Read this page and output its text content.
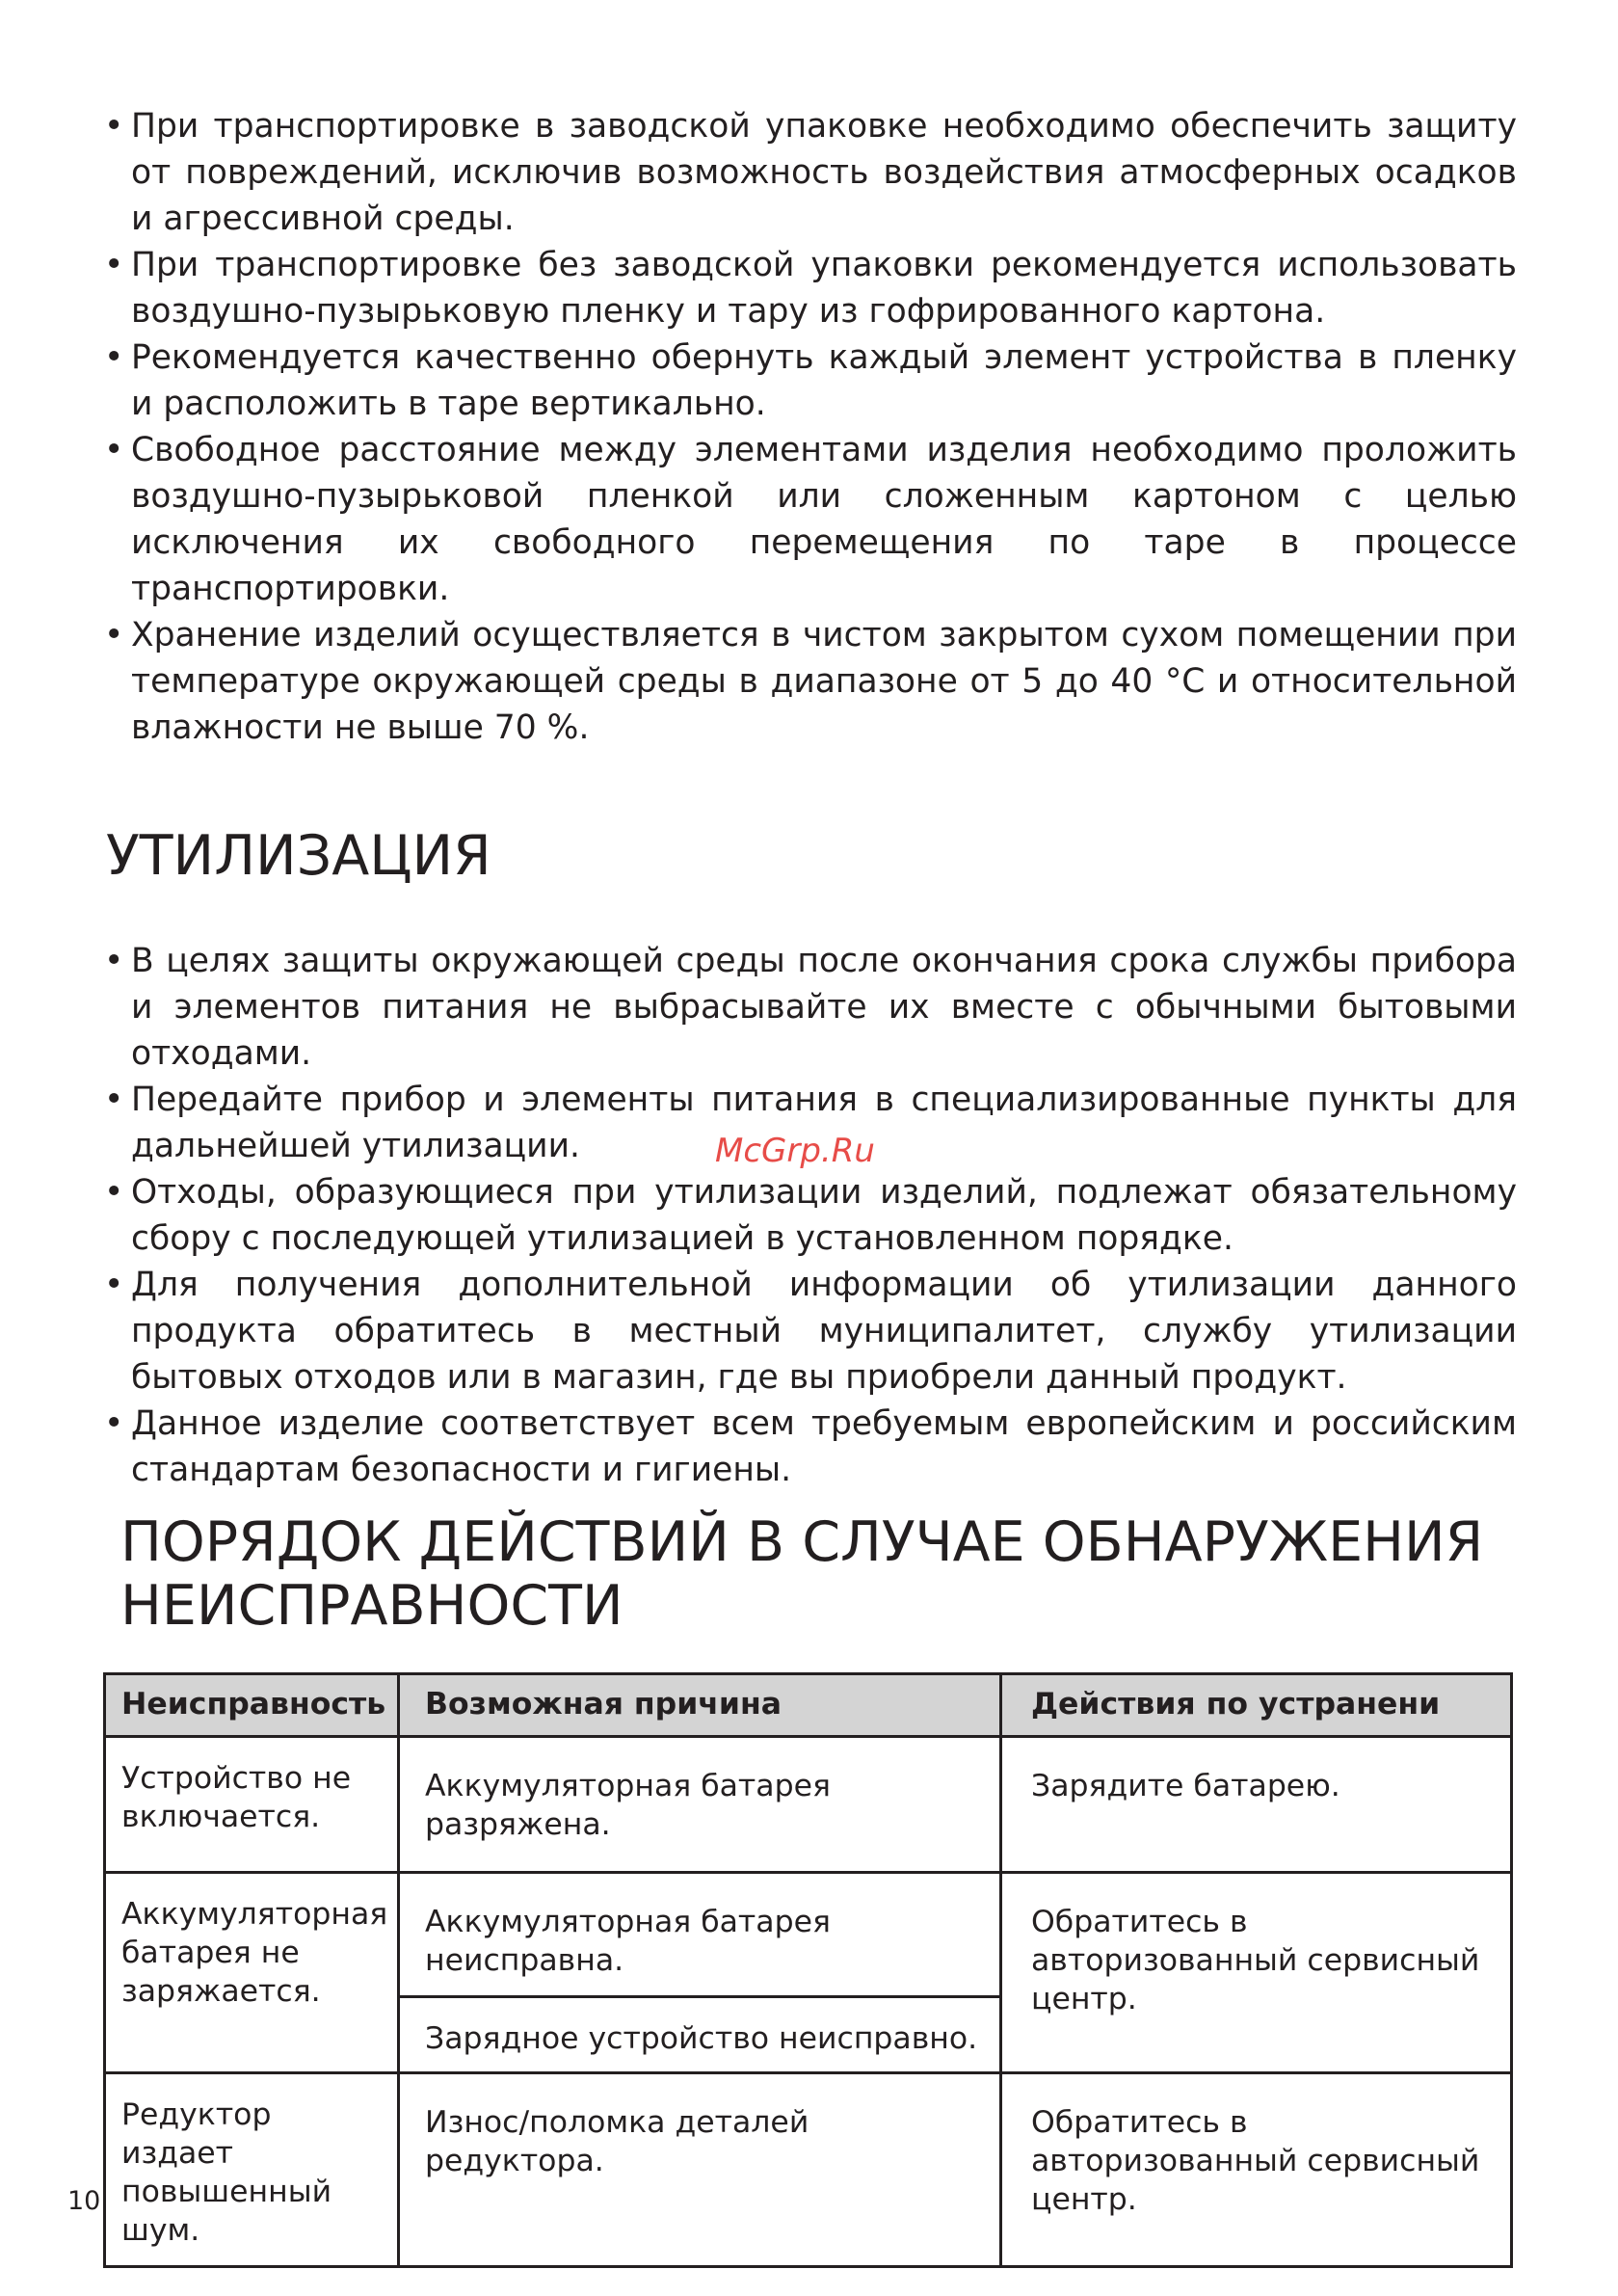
• При транспортировке в заводской упаковке необходимо обеспечить защиту от повреждений, исключив возможность воздействия атмосферных осадков и агрессивной среды.
• При транспортировке без заводской упаковки рекомендуется использовать воздушно-пузырьковую пленку и тару из гофрированного картона.
• Рекомендуется качественно обернуть каждый элемент устройства в пленку и расположить в таре вертикально.
• Свободное расстояние между элементами изделия необходимо проложить воздушно-пузырьковой пленкой или сложенным картоном с целью исключения их свободного перемещения по таре в процессе транспортировки.
• Хранение изделий осуществляется в чистом закрытом сухом помещении при температуре окружающей среды в диапазоне от 5 до 40 °С и относительной влажности не выше 70 %.
УТИЛИЗАЦИЯ
• В целях защиты окружающей среды после окончания срока службы прибора и элементов питания не выбрасывайте их вместе с обычными бытовыми отходами.
• Передайте прибор и элементы питания в специализированные пункты для дальнейшей утилизации.
• Отходы, образующиеся при утилизации изделий, подлежат обязательному сбору с последующей утилизацией в установленном порядке.
• Для получения дополнительной информации об утилизации данного продукта обратитесь в местный муниципалитет, службу утилизации бытовых отходов или в магазин, где вы приобрели данный продукт.
• Данное изделие соответствует всем требуемым европейским и российским стандартам безопасности и гигиены.
McGrp.Ru
ПОРЯДОК ДЕЙСТВИЙ В СЛУЧАЕ ОБНАРУЖЕНИЯ НЕИСПРАВНОСТИ
Неисправность	Возможная причина	Действия по устранени
Устройство не включается.	Аккумуляторная батарея разряжена.	Зарядите батарею.
Аккумуляторная батарея не заряжается.	Аккумуляторная батарея неисправна.	Обратитесь в авторизованный сервисный центр.
	Зарядное устройство неисправно.	
Редуктор издает повышенный шум.	Износ/поломка деталей редуктора.	Обратитесь в авторизованный сервисный центр.
10
